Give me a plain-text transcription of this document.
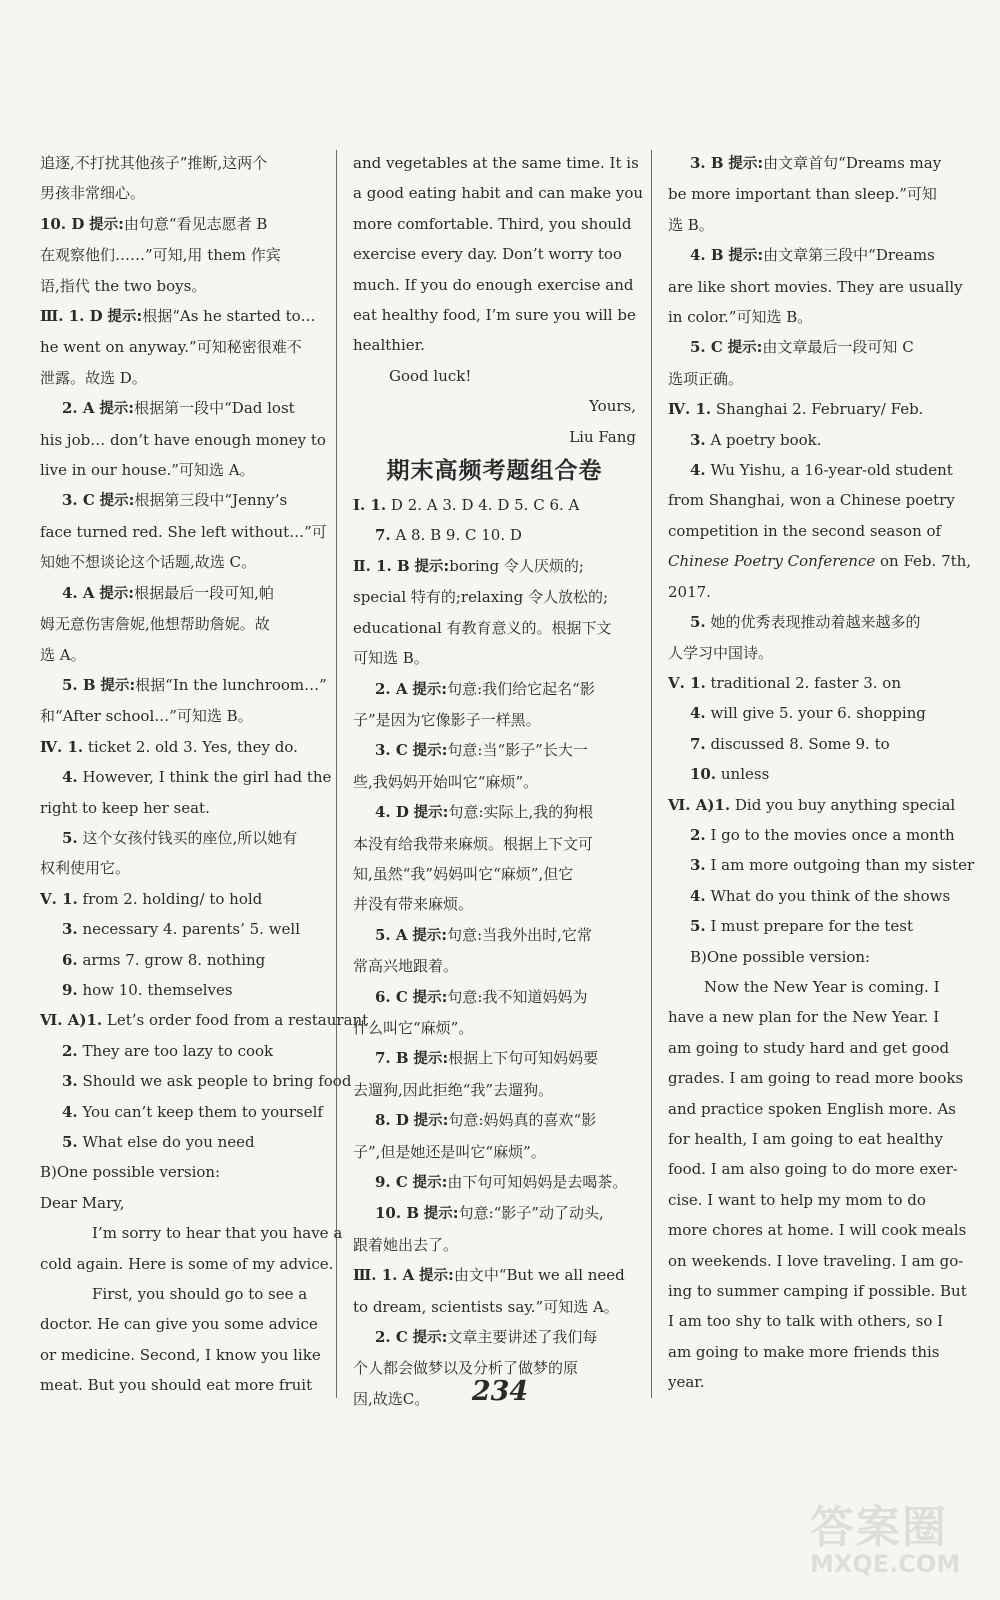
追逐,不打扰其他孩子”推断,这两个
男孩非常细心。
10. D 提示:由句意“看见志愿者 B
在观察他们……”可知,用 them 作宾
语,指代 the two boys。
Ⅲ. 1. D 提示:根据“As he started to…
he went on anyway.”可知秘密很难不
泄露。故选 D。
2. A 提示:根据第一段中“Dad lost
his job… don’t have enough money to
live in our house.”可知选 A。
3. C 提示:根据第三段中“Jenny’s
face turned red. She left without…”可
知她不想谈论这个话题,故选 C。
4. A 提示:根据最后一段可知,帕
姆无意伤害詹妮,他想帮助詹妮。故
选 A。
5. B 提示:根据“In the lunchroom…”
和“After school…”可知选 B。
Ⅳ. 1. ticket 2. old 3. Yes, they do.
4. However, I think the girl had the
right to keep her seat.
5. 这个女孩付钱买的座位,所以她有
权利使用它。
Ⅴ. 1. from 2. holding/ to hold
3. necessary 4. parents’ 5. well
6. arms 7. grow 8. nothing
9. how 10. themselves
Ⅵ. A)1. Let’s order food from a restaurant
2. They are too lazy to cook
3. Should we ask people to bring food
4. You can’t keep them to yourself
5. What else do you need
B)One possible version:
Dear Mary,
I’m sorry to hear that you have a
cold again. Here is some of my advice.
First, you should go to see a
doctor. He can give you some advice
or medicine. Second, I know you like
meat. But you should eat more fruit
and vegetables at the same time. It is
a good eating habit and can make you
more comfortable. Third, you should
exercise every day. Don’t worry too
much. If you do enough exercise and
eat healthy food, I’m sure you will be
healthier.
Good luck!
Yours,
Liu Fang
期末高频考题组合卷
Ⅰ. 1. D 2. A 3. D 4. D 5. C 6. A
7. A 8. B 9. C 10. D
Ⅱ. 1. B 提示:boring 令人厌烦的;
special 特有的;relaxing 令人放松的;
educational 有教育意义的。根据下文
可知选 B。
2. A 提示:句意:我们给它起名“影
子”是因为它像影子一样黑。
3. C 提示:句意:当“影子”长大一
些,我妈妈开始叫它“麻烦”。
4. D 提示:句意:实际上,我的狗根
本没有给我带来麻烦。根据上下文可
知,虽然“我”妈妈叫它“麻烦”,但它
并没有带来麻烦。
5. A 提示:句意:当我外出时,它常
常高兴地跟着。
6. C 提示:句意:我不知道妈妈为
什么叫它“麻烦”。
7. B 提示:根据上下句可知妈妈要
去遛狗,因此拒绝“我”去遛狗。
8. D 提示:句意:妈妈真的喜欢“影
子”,但是她还是叫它“麻烦”。
9. C 提示:由下句可知妈妈是去喝茶。
10. B 提示:句意:“影子”动了动头,
跟着她出去了。
Ⅲ. 1. A 提示:由文中“But we all need
to dream, scientists say.”可知选 A。
2. C 提示:文章主要讲述了我们每
个人都会做梦以及分析了做梦的原
因,故选C。
3. B 提示:由文章首句“Dreams may
be more important than sleep.”可知
选 B。
4. B 提示:由文章第三段中“Dreams
are like short movies. They are usually
in color.”可知选 B。
5. C 提示:由文章最后一段可知 C
选项正确。
Ⅳ. 1. Shanghai 2. February/ Feb.
3. A poetry book.
4. Wu Yishu, a 16-year-old student
from Shanghai, won a Chinese poetry
competition in the second season of
Chinese Poetry Conference on Feb. 7th,
2017.
5. 她的优秀表现推动着越来越多的
人学习中国诗。
Ⅴ. 1. traditional 2. faster 3. on
4. will give 5. your 6. shopping
7. discussed 8. Some 9. to
10. unless
Ⅵ. A)1. Did you buy anything special
2. I go to the movies once a month
3. I am more outgoing than my sister
4. What do you think of the shows
5. I must prepare for the test
B)One possible version:
Now the New Year is coming. I
have a new plan for the New Year. I
am going to study hard and get good
grades. I am going to read more books
and practice spoken English more. As
for health, I am going to eat healthy
food. I am also going to do more exer-
cise. I want to help my mom to do
more chores at home. I will cook meals
on weekends. I love traveling. I am go-
ing to summer camping if possible. But
I am too shy to talk with others, so I
am going to make more friends this
year.
234
答案圈
MXQE.COM
